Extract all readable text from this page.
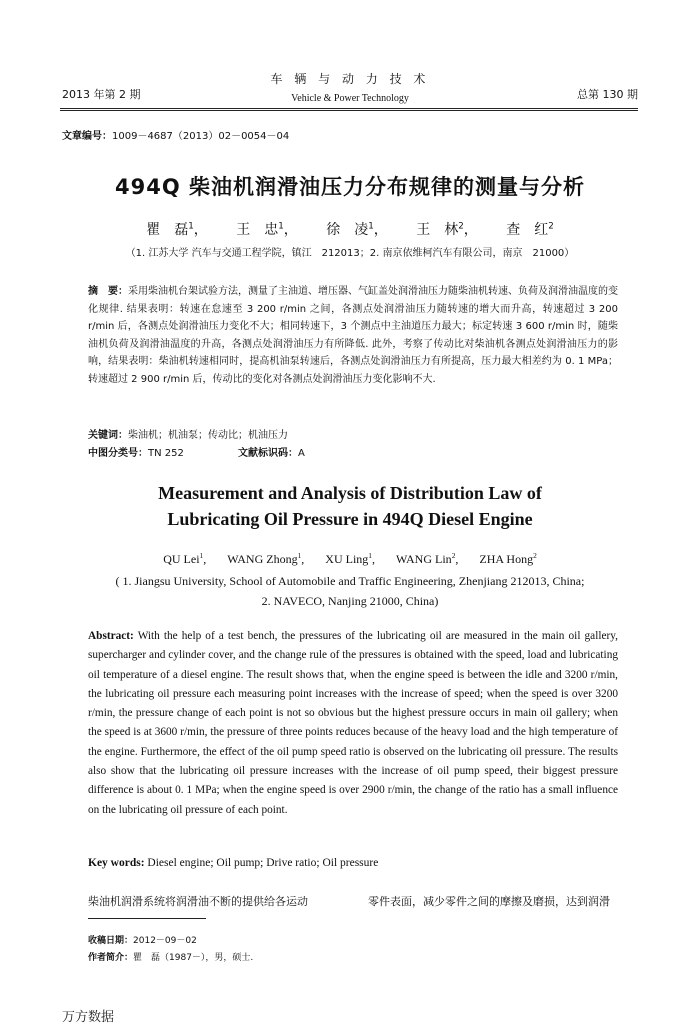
2013 年第 2 期
车 辆 与 动 力 技 术
Vehicle & Power Technology	总第 130 期
文章编号：1009－4687（2013）02－0054－04
494Q 柴油机润滑油压力分布规律的测量与分析
瞿　磊$^1$， 王　忠$^1$， 徐　凌$^1$， 王　林$^2$， 查　红$^2$
（1. 江苏大学 汽车与交通工程学院，镇江　212013；2. 南京依维柯汽车有限公司，南京　21000）
摘　要：采用柴油机台架试验方法，测量了主油道、增压器、气缸盖处润滑油压力随柴油机转速、负荷及润滑油温度的变化规律. 结果表明：转速在怠速至 3 200 r/min 之间，各测点处润滑油压力随转速的增大而升高，转速超过 3 200 r/min 后，各测点处润滑油压力变化不大；相同转速下，3 个测点中主油道压力最大；标定转速 3 600 r/min 时，随柴油机负荷及润滑油温度的升高，各测点处润滑油压力有所降低. 此外，考察了传动比对柴油机各测点处润滑油压力的影响，结果表明：柴油机转速相同时，提高机油泵转速后，各测点处润滑油压力有所提高，压力最大相差约为 0. 1 MPa；转速超过 2 900 r/min 后，传动比的变化对各测点处润滑油压力变化影响不大.
关键词：柴油机；机油泵；传动比；机油压力
中图分类号：TN 252	文献标识码：A
Measurement and Analysis of Distribution Law of
Lubricating Oil Pressure in 494Q Diesel Engine
QU Lei$^1$, WANG Zhong$^1$, XU Ling$^1$, WANG Lin$^2$, ZHA Hong$^2$
( 1. Jiangsu University, School of Automobile and Traffic Engineering, Zhenjiang 212013, China;
2. NAVECO, Nanjing 21000, China)
Abstract: With the help of a test bench, the pressures of the lubricating oil are measured in the main oil gallery, supercharger and cylinder cover, and the change rule of the pressures is obtained with the speed, load and lubricating oil temperature of a diesel engine. The result shows that, when the engine speed is between the idle and 3200 r/min, the lubricating oil pressure each measuring point increases with the increase of speed; when the speed is over 3200 r/min, the pressure change of each point is not so obvious but the highest pressure occurs in main oil gallery; when the speed is at 3600 r/min, the pressure of three points reduces because of the heavy load and the high temperature of the engine. Furthermore, the effect of the oil pump speed ratio is observed on the lubricating oil pressure. The results also show that the lubricating oil pressure increases with the increase of oil pump speed, their biggest pressure difference is about 0. 1 MPa; when the engine speed is over 2900 r/min, the change of the ratio has a small influence on the lubricating oil pressure of each point.
Key words: Diesel engine; Oil pump; Drive ratio; Oil pressure
柴油机润滑系统将润滑油不断的提供给各运动	零件表面，减少零件之间的摩擦及磨损，达到润滑
收稿日期：2012－09－02
作者简介：瞿　磊（1987－），男，硕士.
万方数据
